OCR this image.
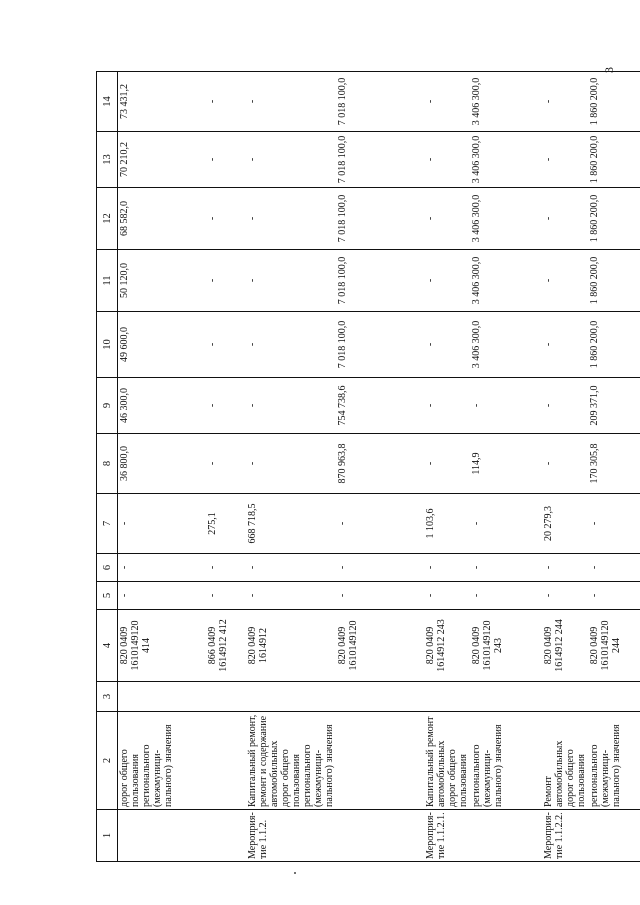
3
1	2	3	4	5	6	7	8	9	10	11	12	13	14
	дорог общего пользования регионального (межмуници-пального) значения		820 0409 1610149120 414	-	-	-	36 800,0	46 300,0	49 600,0	50 120,0	68 582,0	70 210,2	73 431,2
			866 0409 1614912 412	-	-	275,1	-	-	-	-	-	-	-
Мероприя-тие 1.1.2.	Капитальный ремонт, ремонт и содержание автомобильных дорог общего пользования регионального (межмуници-пального) значения		820 0409 1614912	-	-	668 718,5	-	-	-	-	-	-	-
			820 0409 1610149120	-	-	-	870 963,8	754 738,6	7 018 100,0	7 018 100,0	7 018 100,0	7 018 100,0	7 018 100,0
Мероприя-тие 1.1.2.1.	Капитальный ремонт автомобильных дорог общего пользования		820 0409 1614912 243	-	-	1 103,6	-	-	-	-	-	-	-
	регионального (межмуници-пального) значения		820 0409 1610149120 243	-	-	-	114,9	-	3 406 300,0	3 406 300,0	3 406 300,0	3 406 300,0	3 406 300,0
Мероприя-тие 1.1.2.2.	Ремонт автомобильных дорог общего пользования		820 0409 1614912 244	-	-	20 279,3	-	-	-	-	-	-	-
	регионального (межмуници-пального) значения		820 0409 1610149120 244	-	-	-	170 305,8	209 371,0	1 860 200,0	1 860 200,0	1 860 200,0	1 860 200,0	1 860 200,0
